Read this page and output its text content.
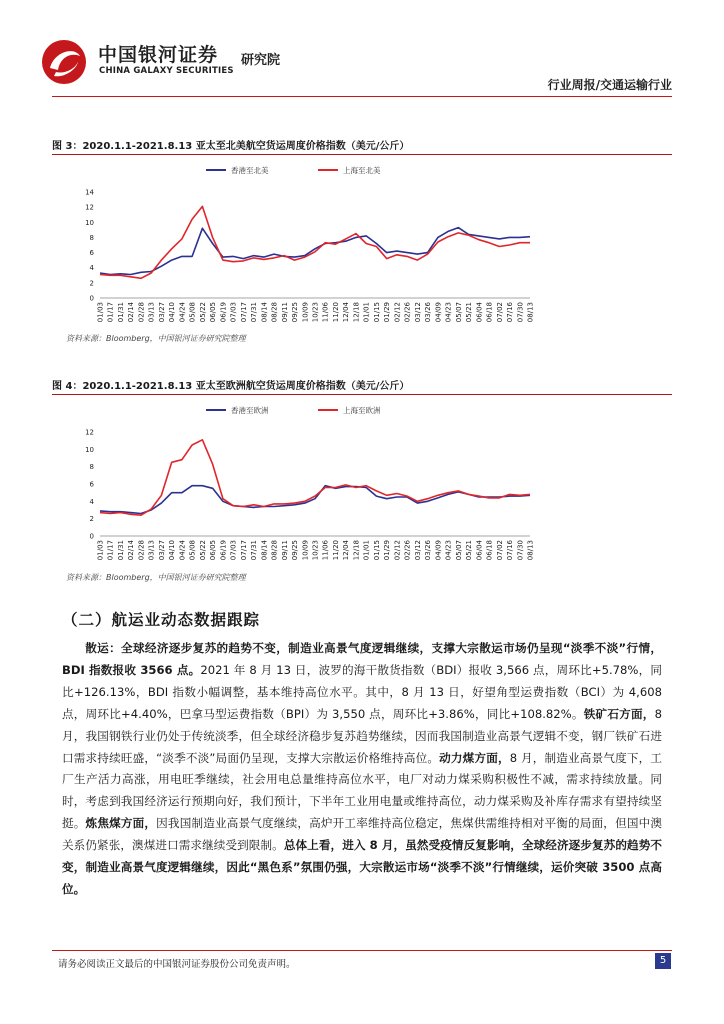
中国银河证券 研究院
CHINA GALAXY SECURITIES
行业周报/交通运输行业
图 3：2020.1.1-2021.8.13 亚太至北美航空货运周度价格指数（美元/公斤）
0
2
4
6
8
10
12
14
01/03 01/17 01/31 02/14 02/28 03/13 03/27 04/10 04/24 05/08 05/22 06/05 06/19 07/03 07/17 07/31 08/14 08/28 09/11 09/25 10/09 10/23 11/06 11/20 12/04 12/18 01/01 01/15 01/29 02/12 02/26 03/12 03/26 04/09 04/23 05/07 05/21 06/04 06/18 07/02 07/16 07/30 08/13
香港至北美	上海至北美
资料来源：Bloomberg，中国银河证券研究院整理
图 4：2020.1.1-2021.8.13 亚太至欧洲航空货运周度价格指数（美元/公斤）
0
2
4
6
8
10
12
01/03 01/17 01/31 02/14 02/28 03/13 03/27 04/10 04/24 05/08 05/22 06/05 06/19 07/03 07/17 07/31 08/14 08/28 09/11 09/25 10/09 10/23 11/06 11/20 12/04 12/18 01/01 01/15 01/29 02/12 02/26 03/12 03/26 04/09 04/23 05/07 05/21 06/04 06/18 07/02 07/16 07/30 08/13
香港至欧洲	上海至欧洲
资料来源：Bloomberg，中国银河证券研究院整理
（二）航运业动态数据跟踪
散运：全球经济逐步复苏的趋势不变，制造业高景气度逻辑继续，支撑大宗散运市场仍呈现“淡季不淡”行情，BDI 指数报收 3566 点。2021 年 8 月 13 日，波罗的海干散货指数（BDI）报收 3,566 点，周环比+5.78%，同比+126.13%，BDI 指数小幅调整，基本维持高位水平。其中，8 月 13 日，好望角型运费指数（BCI）为 4,608 点，周环比+4.40%，巴拿马型运费指数（BPI）为 3,550 点，周环比+3.86%，同比+108.82%。铁矿石方面，8 月，我国钢铁行业仍处于传统淡季，但全球经济稳步复苏趋势继续，因而我国制造业高景气逻辑不变，钢厂铁矿石进口需求持续旺盛，“淡季不淡”局面仍呈现，支撑大宗散运价格维持高位。动力煤方面，8 月，制造业高景气度下，工厂生产活力高涨，用电旺季继续，社会用电总量维持高位水平，电厂对动力煤采购积极性不减，需求持续放量。同时，考虑到我国经济运行预期向好，我们预计，下半年工业用电量或维持高位，动力煤采购及补库存需求有望持续坚挺。炼焦煤方面，因我国制造业高景气度继续，高炉开工率维持高位稳定，焦煤供需维持相对平衡的局面，但国中澳关系仍紧张，澳煤进口需求继续受到限制。总体上看，进入 8 月，虽然受疫情反复影响，全球经济逐步复苏的趋势不变，制造业高景气度逻辑继续，因此“黑色系”氛围仍强，大宗散运市场“淡季不淡”行情继续，运价突破 3500 点高位。
请务必阅读正文最后的中国银河证券股份公司免责声明。	5
